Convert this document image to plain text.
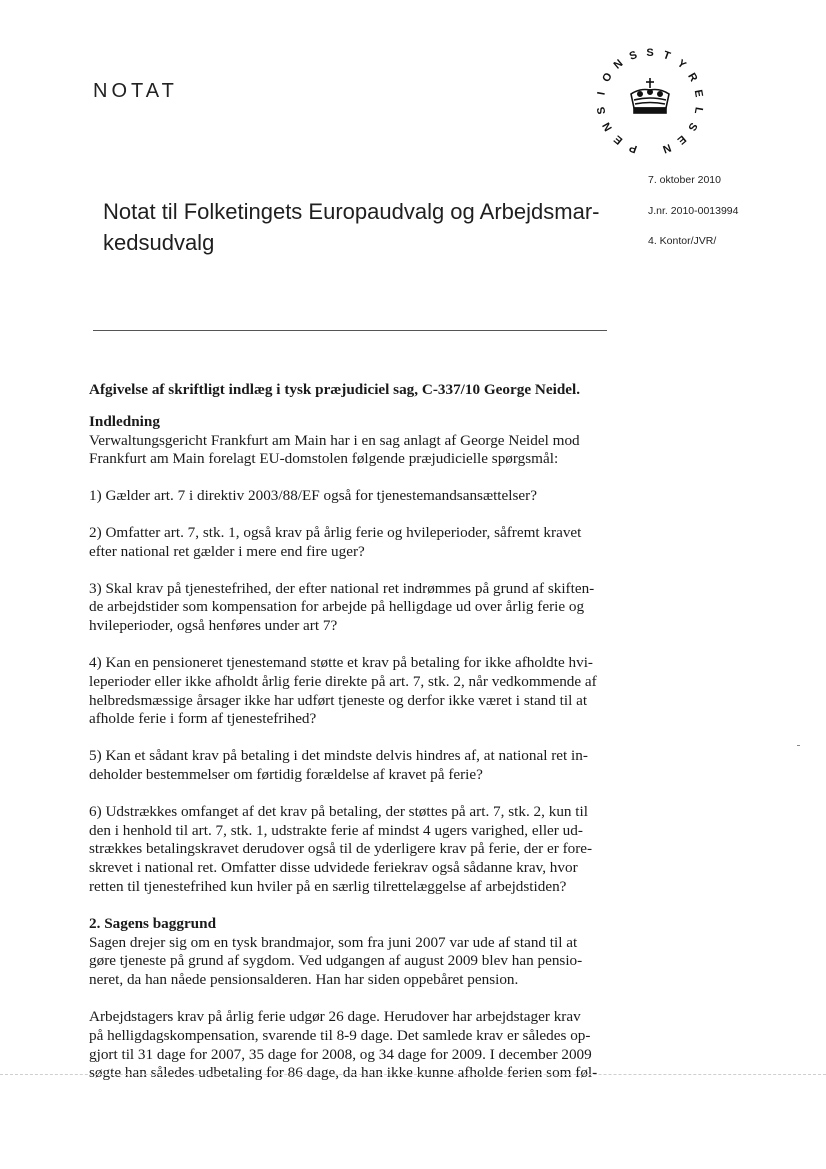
NOTAT
P
E
N
S
I
O
N
S S T
Y
R
E
L
S
E
N
7. oktober 2010
J.nr. 2010-0013994
4. Kontor/JVR/
Notat til Folketingets Europaudvalg og Arbejdsmar-
kedsudvalg
Afgivelse af skriftligt indlæg i tysk præjudiciel sag, C-337/10 George Neidel.
Indledning
Verwaltungsgericht Frankfurt am Main har i en sag anlagt af George Neidel mod
Frankfurt am Main forelagt EU-domstolen følgende præjudicielle spørgsmål:
1) Gælder art. 7 i direktiv 2003/88/EF også for tjenestemandsansættelser?
2) Omfatter art. 7, stk. 1, også krav på årlig ferie og hvileperioder, såfremt kravet
efter national ret gælder i mere end fire uger?
3) Skal krav på tjenestefrihed, der efter national ret indrømmes på grund af skiften-
de arbejdstider som kompensation for arbejde på helligdage ud over årlig ferie og
hvileperioder, også henføres under art 7?
4) Kan en pensioneret tjenestemand støtte et krav på betaling for ikke afholdte hvi-
leperioder eller ikke afholdt årlig ferie direkte på art. 7, stk. 2, når vedkommende af
helbredsmæssige årsager ikke har udført tjeneste og derfor ikke været i stand til at
afholde ferie i form af tjenestefrihed?
5) Kan et sådant krav på betaling i det mindste delvis hindres af, at national ret in-
deholder bestemmelser om førtidig forældelse af kravet på ferie?
6) Udstrækkes omfanget af det krav på betaling, der støttes på art. 7, stk. 2, kun til
den i henhold til art. 7, stk. 1, udstrakte ferie af mindst 4 ugers varighed, eller ud-
strækkes betalingskravet derudover også til de yderligere krav på ferie, der er fore-
skrevet i national ret. Omfatter disse udvidede feriekrav også sådanne krav, hvor
retten til tjenestefrihed kun hviler på en særlig tilrettelæggelse af arbejdstiden?
2. Sagens baggrund
Sagen drejer sig om en tysk brandmajor, som fra juni 2007 var ude af stand til at
gøre tjeneste på grund af sygdom. Ved udgangen af august 2009 blev han pensio-
neret, da han nåede pensionsalderen. Han har siden oppebåret pension.
Arbejdstagers krav på årlig ferie udgør 26 dage. Herudover har arbejdstager krav
på helligdagskompensation, svarende til 8-9 dage. Det samlede krav er således op-
gjort til 31 dage for 2007, 35 dage for 2008, og 34 dage for 2009. I december 2009
søgte han således udbetaling for 86 dage, da han ikke kunne afholde ferien som føl-
